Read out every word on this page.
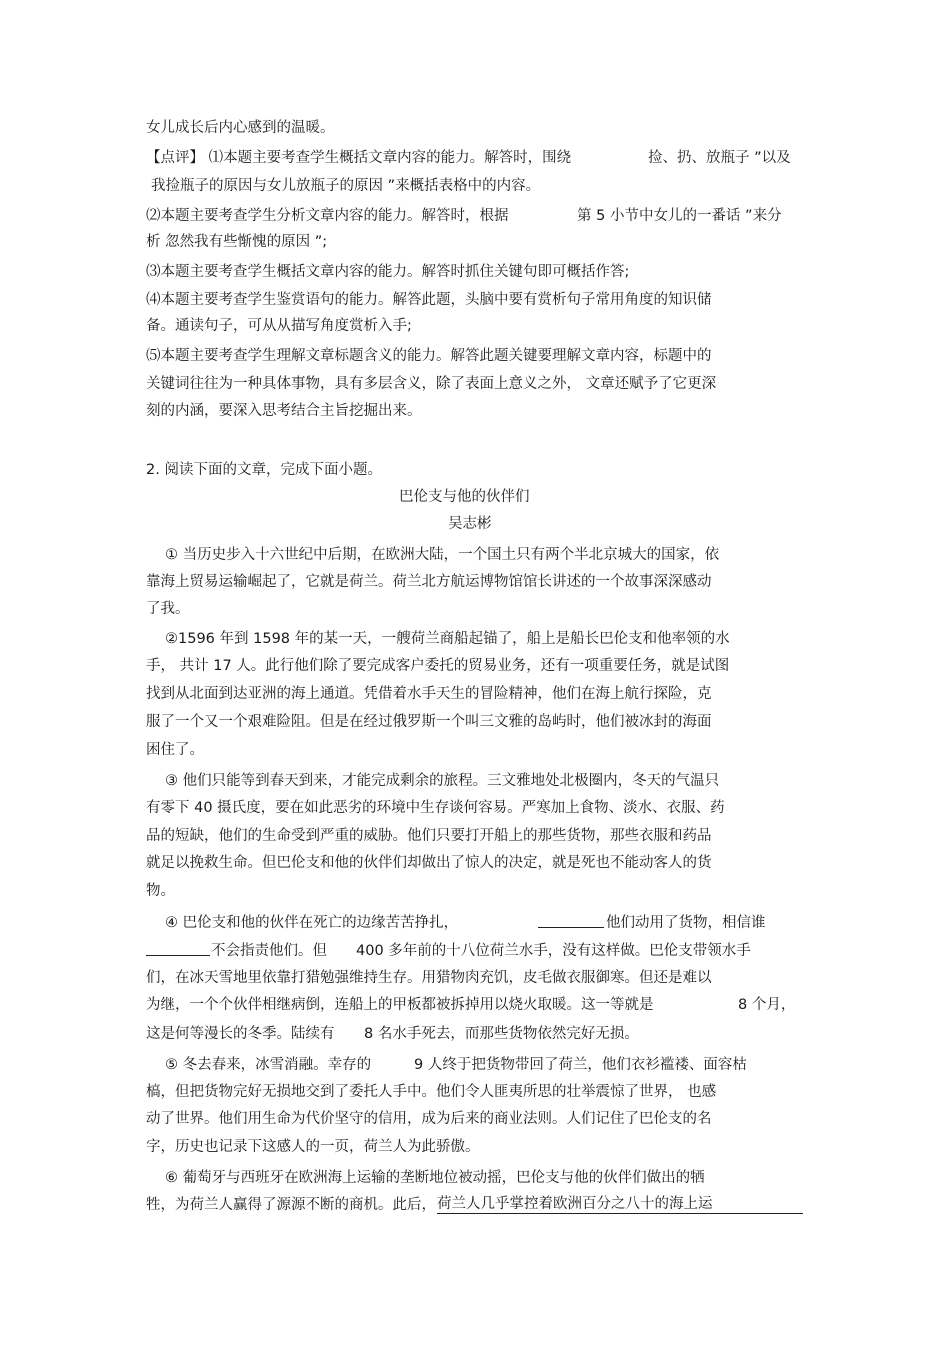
女儿成长后内心感到的温暖。
【点评】 ⑴本题主要考查学生概括文章内容的能力。解答时，围绕	捡、扔、放瓶子 ”以及
我捡瓶子的原因与女儿放瓶子的原因 ”来概括表格中的内容。
⑵本题主要考查学生分析文章内容的能力。解答时，根据	第 5 小节中女儿的一番话 ”来分
析 忽然我有些惭愧的原因 ”;
⑶本题主要考查学生概括文章内容的能力。解答时抓住关键句即可概括作答;
⑷本题主要考查学生鉴赏语句的能力。解答此题，头脑中要有赏析句子常用角度的知识储
备。通读句子，可从从描写角度赏析入手;
⑸本题主要考查学生理解文章标题含义的能力。解答此题关键要理解文章内容，标题中的
关键词往往为一种具体事物，具有多层含义，除了表面上意义之外， 文章还赋予了它更深
刻的内涵，要深入思考结合主旨挖掘出来。
2. 阅读下面的文章，完成下面小题。
巴伦支与他的伙伴们
吴志彬
① 当历史步入十六世纪中后期，在欧洲大陆，一个国土只有两个半北京城大的国家，依
靠海上贸易运输崛起了，它就是荷兰。荷兰北方航运博物馆馆长讲述的一个故事深深感动
了我。
②1596 年到 1598 年的某一天，一艘荷兰商船起锚了，船上是船长巴伦支和他率领的水
手， 共计 17 人。此行他们除了要完成客户委托的贸易业务，还有一项重要任务，就是试图
找到从北面到达亚洲的海上通道。凭借着水手天生的冒险精神，他们在海上航行探险，克
服了一个又一个艰难险阻。但是在经过俄罗斯一个叫三文雅的岛屿时，他们被冰封的海面
困住了。
③ 他们只能等到春天到来，才能完成剩余的旅程。三文雅地处北极圈内，冬天的气温只
有零下 40 摄氏度，要在如此恶劣的环境中生存谈何容易。严寒加上食物、淡水、衣服、药
品的短缺，他们的生命受到严重的威胁。他们只要打开船上的那些货物，那些衣服和药品
就足以挽救生命。但巴伦支和他的伙伴们却做出了惊人的决定，就是死也不能动客人的货
物。
④ 巴伦支和他的伙伴在死亡的边缘苦苦挣扎，	他们动用了货物，相信谁
不会指责他们。但 400 多年前的十八位荷兰水手，没有这样做。巴伦支带领水手
们，在冰天雪地里依靠打猎勉强维持生存。用猎物肉充饥，皮毛做衣服御寒。但还是难以
为继，一个个伙伴相继病倒，连船上的甲板都被拆掉用以烧火取暖。这一等就是	8 个月，
这是何等漫长的冬季。陆续有 8 名水手死去，而那些货物依然完好无损。
⑤ 冬去春来，冰雪消融。幸存的	9 人终于把货物带回了荷兰，他们衣衫褴褛、面容枯
槁，但把货物完好无损地交到了委托人手中。他们令人匪夷所思的壮举震惊了世界， 也感
动了世界。他们用生命为代价坚守的信用，成为后来的商业法则。人们记住了巴伦支的名
字，历史也记录下这感人的一页，荷兰人为此骄傲。
⑥ 葡萄牙与西班牙在欧洲海上运输的垄断地位被动摇，巴伦支与他的伙伴们做出的牺
牲，为荷兰人赢得了源源不断的商机。此后， 荷兰人几乎掌控着欧洲百分之八十的海上运
